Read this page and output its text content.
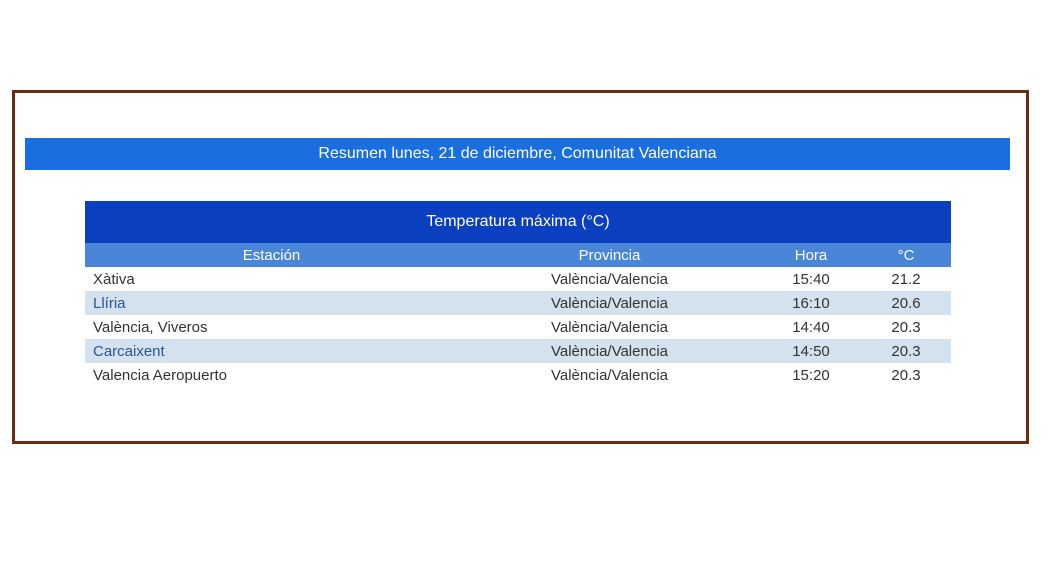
Resumen lunes, 21 de diciembre, Comunitat Valenciana
Temperatura máxima (°C)
Estación	Provincia	Hora	°C
Xàtiva	València/Valencia	15:40	21.2
Llíria	València/Valencia	16:10	20.6
València, Viveros	València/Valencia	14:40	20.3
Carcaixent	València/Valencia	14:50	20.3
Valencia Aeropuerto	València/Valencia	15:20	20.3
